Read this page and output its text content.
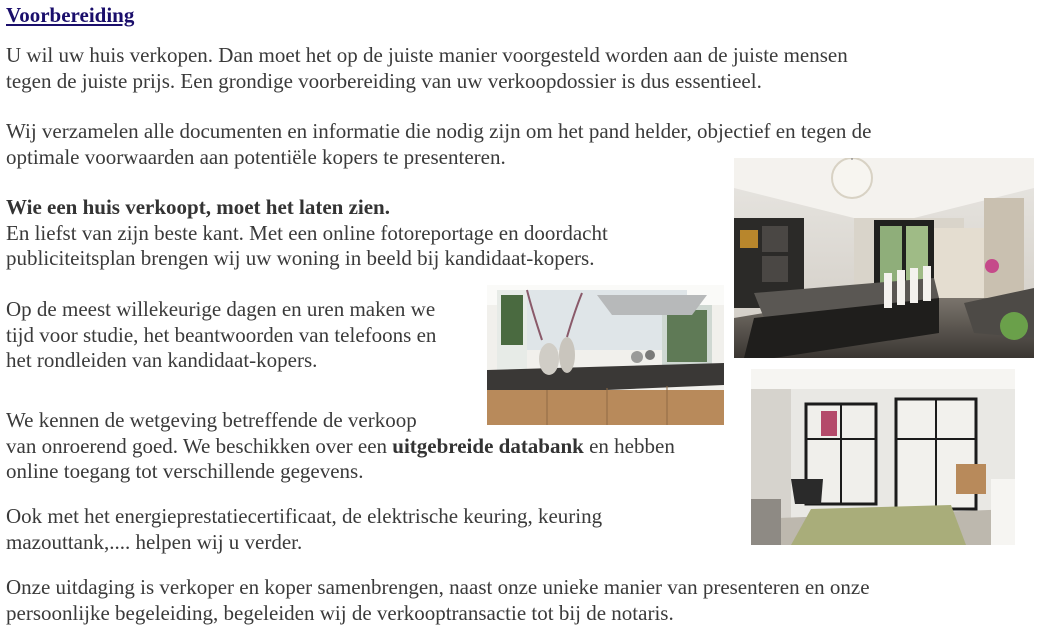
Voorbereiding

U wil uw huis verkopen. Dan moet het op de juiste manier voorgesteld worden aan de juiste mensen
tegen de juiste prijs. Een grondige voorbereiding van uw verkoopdossier is dus essentieel.

Wij verzamelen alle documenten en informatie die nodig zijn om het pand helder, objectief en tegen de
optimale voorwaarden aan potentiële kopers te presenteren.

Wie een huis verkoopt, moet het laten zien.
En liefst van zijn beste kant. Met een online fotoreportage en doordacht
publiciteitsplan brengen wij uw woning in beeld bij kandidaat-kopers.

Op de meest willekeurige dagen en uren maken we
tijd voor studie, het beantwoorden van telefoons en
het rondleiden van kandidaat-kopers.

We kennen de wetgeving betreffende de verkoop
van onroerend goed. We beschikken over een uitgebreide databank en hebben
online toegang tot verschillende gegevens.

Ook met het energieprestatiecertificaat, de elektrische keuring, keuring
mazouttank,.... helpen wij u verder.

Onze uitdaging is verkoper en koper samenbrengen, naast onze unieke manier van presenteren en onze
persoonlijke begeleiding, begeleiden wij de verkooptransactie tot bij de notaris.
